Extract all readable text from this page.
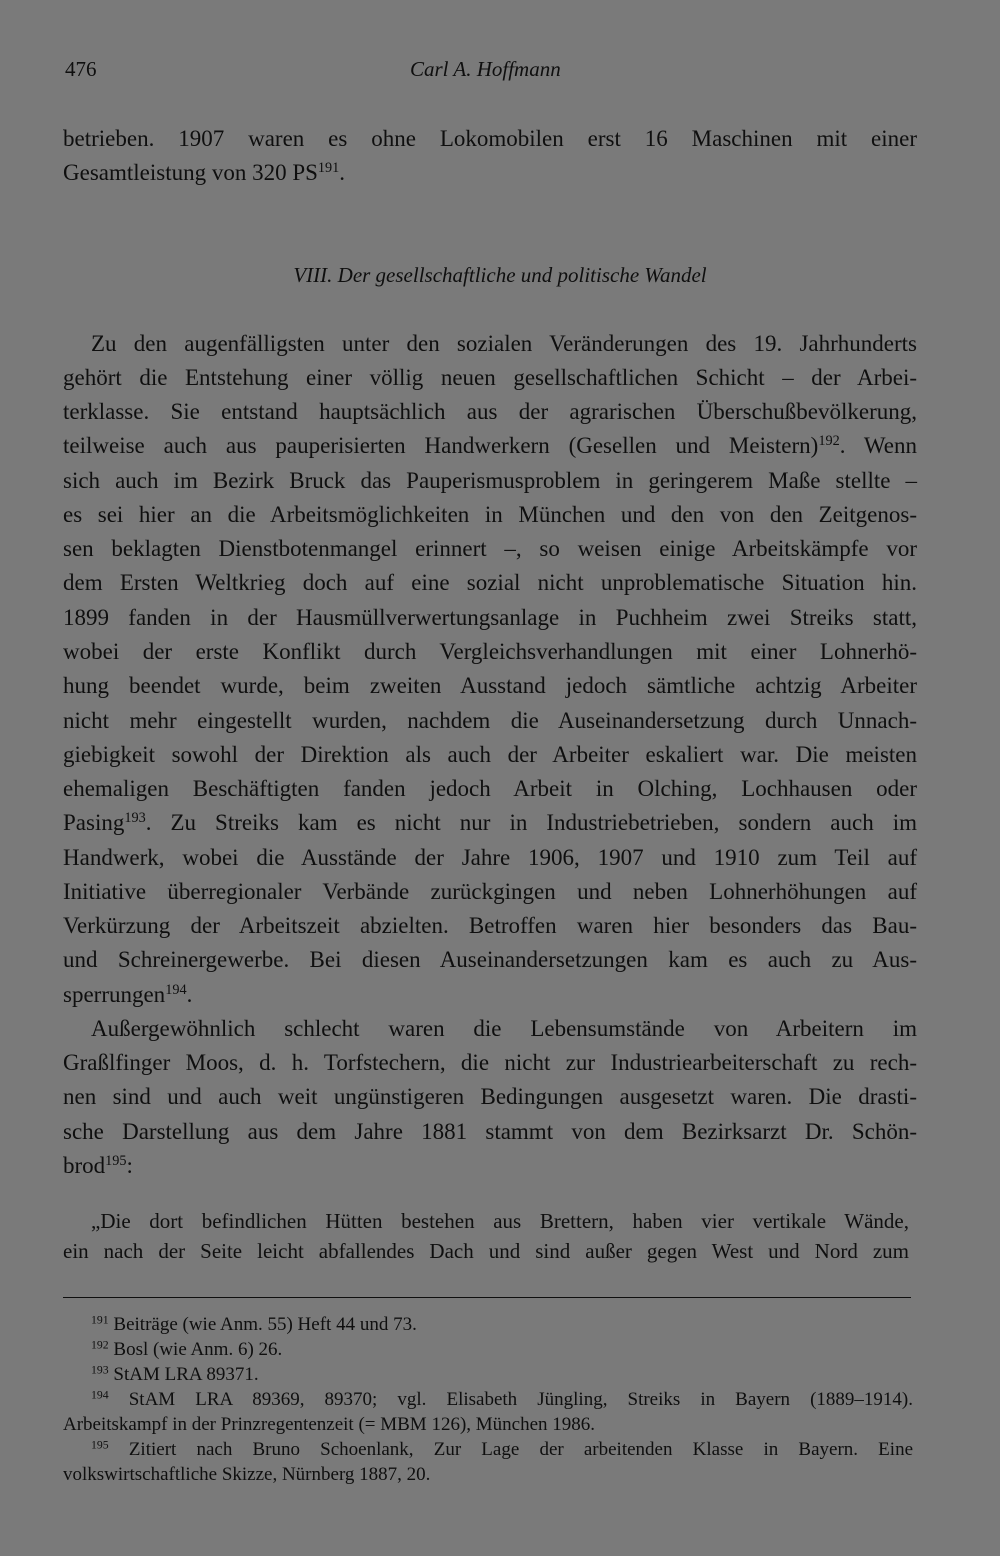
476	Carl A. Hoffmann
betrieben. 1907 waren es ohne Lokomobilen erst 16 Maschinen mit einer
Gesamtleistung von 320 PS$^{191}$.
VIII. Der gesellschaftliche und politische Wandel
Zu den augenfälligsten unter den sozialen Veränderungen des 19. Jahrhunderts
gehört die Entstehung einer völlig neuen gesellschaftlichen Schicht – der Arbei-
terklasse. Sie entstand hauptsächlich aus der agrarischen Überschußbevölkerung,
teilweise auch aus pauperisierten Handwerkern (Gesellen und Meistern)$^{192}$. Wenn
sich auch im Bezirk Bruck das Pauperismusproblem in geringerem Maße stellte –
es sei hier an die Arbeitsmöglichkeiten in München und den von den Zeitgenos-
sen beklagten Dienstbotenmangel erinnert –, so weisen einige Arbeitskämpfe vor
dem Ersten Weltkrieg doch auf eine sozial nicht unproblematische Situation hin.
1899 fanden in der Hausmüllverwertungsanlage in Puchheim zwei Streiks statt,
wobei der erste Konflikt durch Vergleichsverhandlungen mit einer Lohnerhö-
hung beendet wurde, beim zweiten Ausstand jedoch sämtliche achtzig Arbeiter
nicht mehr eingestellt wurden, nachdem die Auseinandersetzung durch Unnach-
giebigkeit sowohl der Direktion als auch der Arbeiter eskaliert war. Die meisten
ehemaligen Beschäftigten fanden jedoch Arbeit in Olching, Lochhausen oder
Pasing$^{193}$. Zu Streiks kam es nicht nur in Industriebetrieben, sondern auch im
Handwerk, wobei die Ausstände der Jahre 1906, 1907 und 1910 zum Teil auf
Initiative überregionaler Verbände zurückgingen und neben Lohnerhöhungen auf
Verkürzung der Arbeitszeit abzielten. Betroffen waren hier besonders das Bau-
und Schreinergewerbe. Bei diesen Auseinandersetzungen kam es auch zu Aus-
sperrungen$^{194}$.
Außergewöhnlich schlecht waren die Lebensumstände von Arbeitern im
Graßlfinger Moos, d. h. Torfstechern, die nicht zur Industriearbeiterschaft zu rech-
nen sind und auch weit ungünstigeren Bedingungen ausgesetzt waren. Die drasti-
sche Darstellung aus dem Jahre 1881 stammt von dem Bezirksarzt Dr. Schön-
brod$^{195}$:
„Die dort befindlichen Hütten bestehen aus Brettern, haben vier vertikale Wände,
ein nach der Seite leicht abfallendes Dach und sind außer gegen West und Nord zum
$^{191}$ Beiträge (wie Anm. 55) Heft 44 und 73.
$^{192}$ Bosl (wie Anm. 6) 26.
$^{193}$ StAM LRA 89371.
$^{194}$ StAM LRA 89369, 89370; vgl. Elisabeth Jüngling, Streiks in Bayern (1889–1914).
Arbeitskampf in der Prinzregentenzeit (= MBM 126), München 1986.
$^{195}$ Zitiert nach Bruno Schoenlank, Zur Lage der arbeitenden Klasse in Bayern. Eine
volkswirtschaftliche Skizze, Nürnberg 1887, 20.
